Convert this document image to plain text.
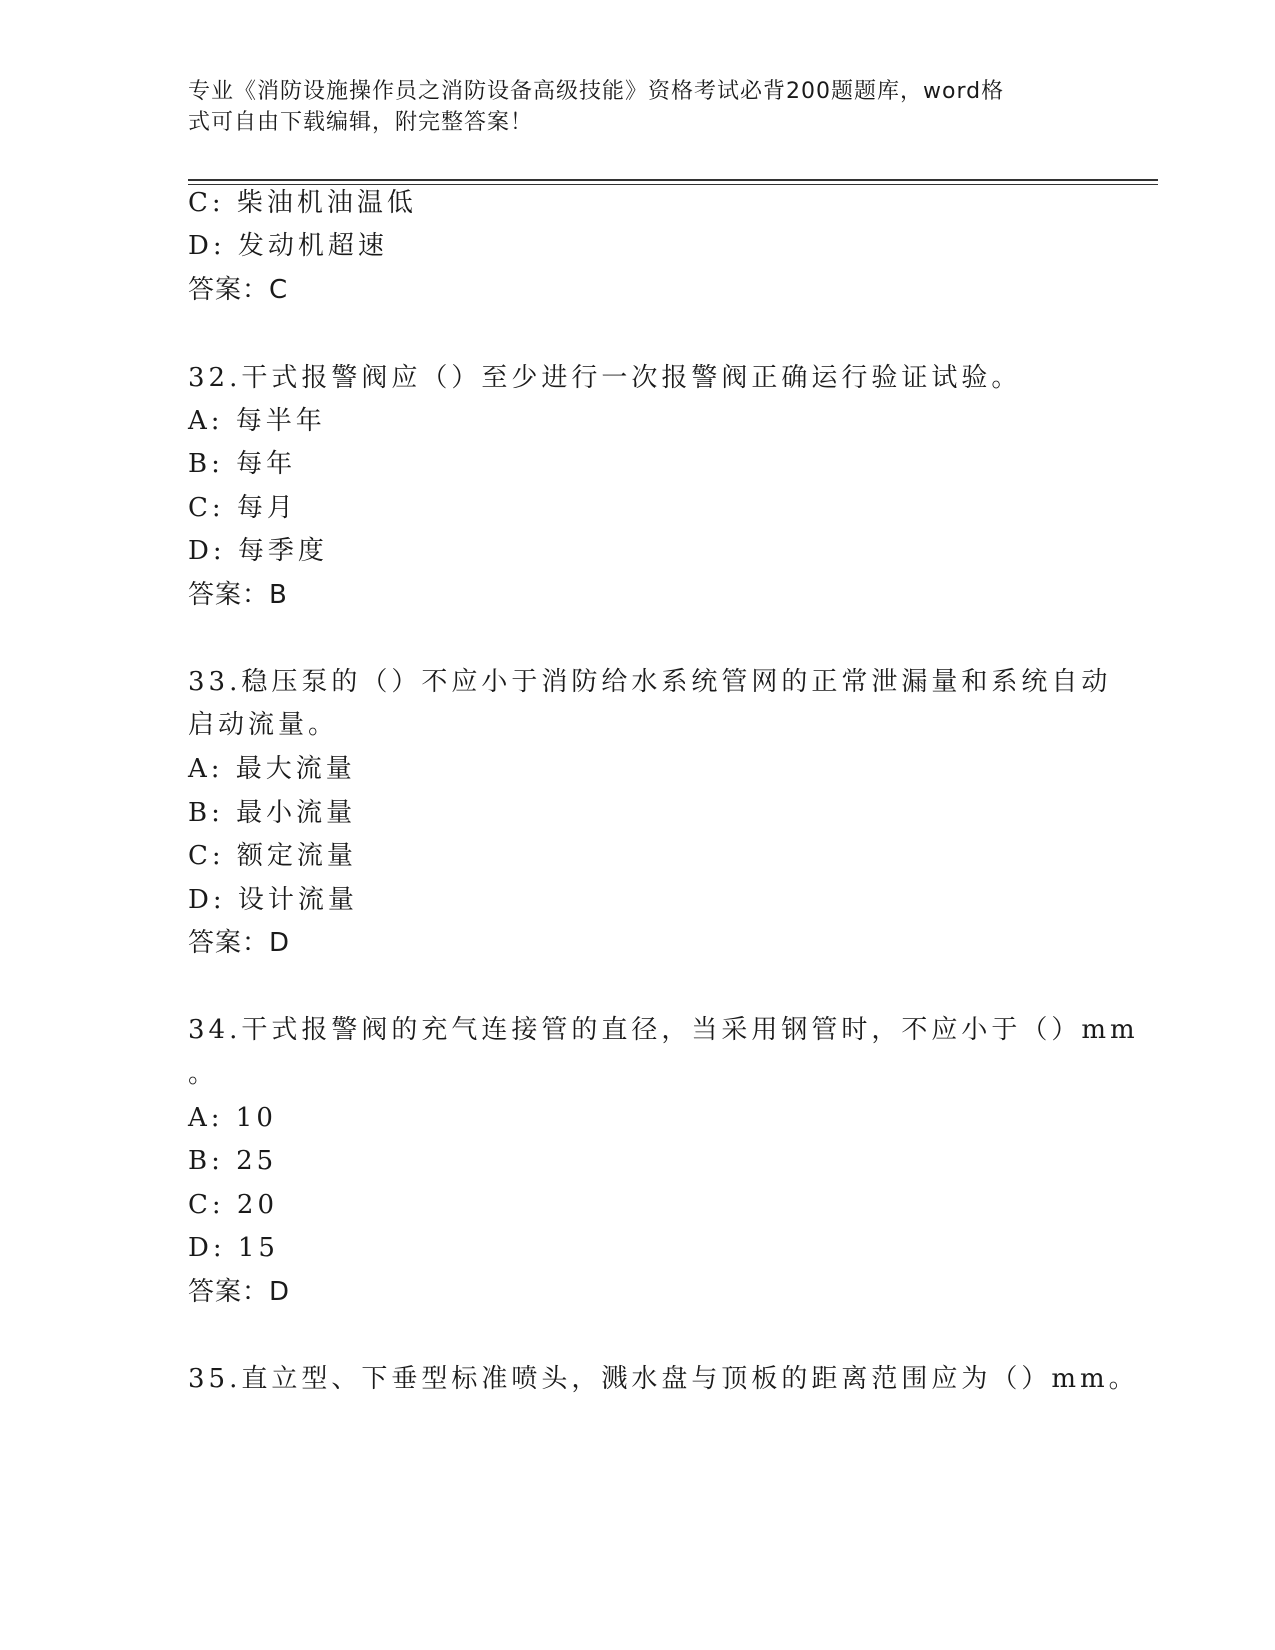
专业《消防设施操作员之消防设备高级技能》资格考试必背200题题库，word格
式可自由下载编辑，附完整答案！
C: 柴油机油温低
D: 发动机超速
答案：C
32.干式报警阀应（）至少进行一次报警阀正确运行验证试验。
A: 每半年
B: 每年
C: 每月
D: 每季度
答案：B
33.稳压泵的（）不应小于消防给水系统管网的正常泄漏量和系统自动
启动流量。
A: 最大流量
B: 最小流量
C: 额定流量
D: 设计流量
答案：D
34.干式报警阀的充气连接管的直径，当采用钢管时，不应小于（）mm
。
A: 10
B: 25
C: 20
D: 15
答案：D
35.直立型、下垂型标准喷头，溅水盘与顶板的距离范围应为（）mm。
